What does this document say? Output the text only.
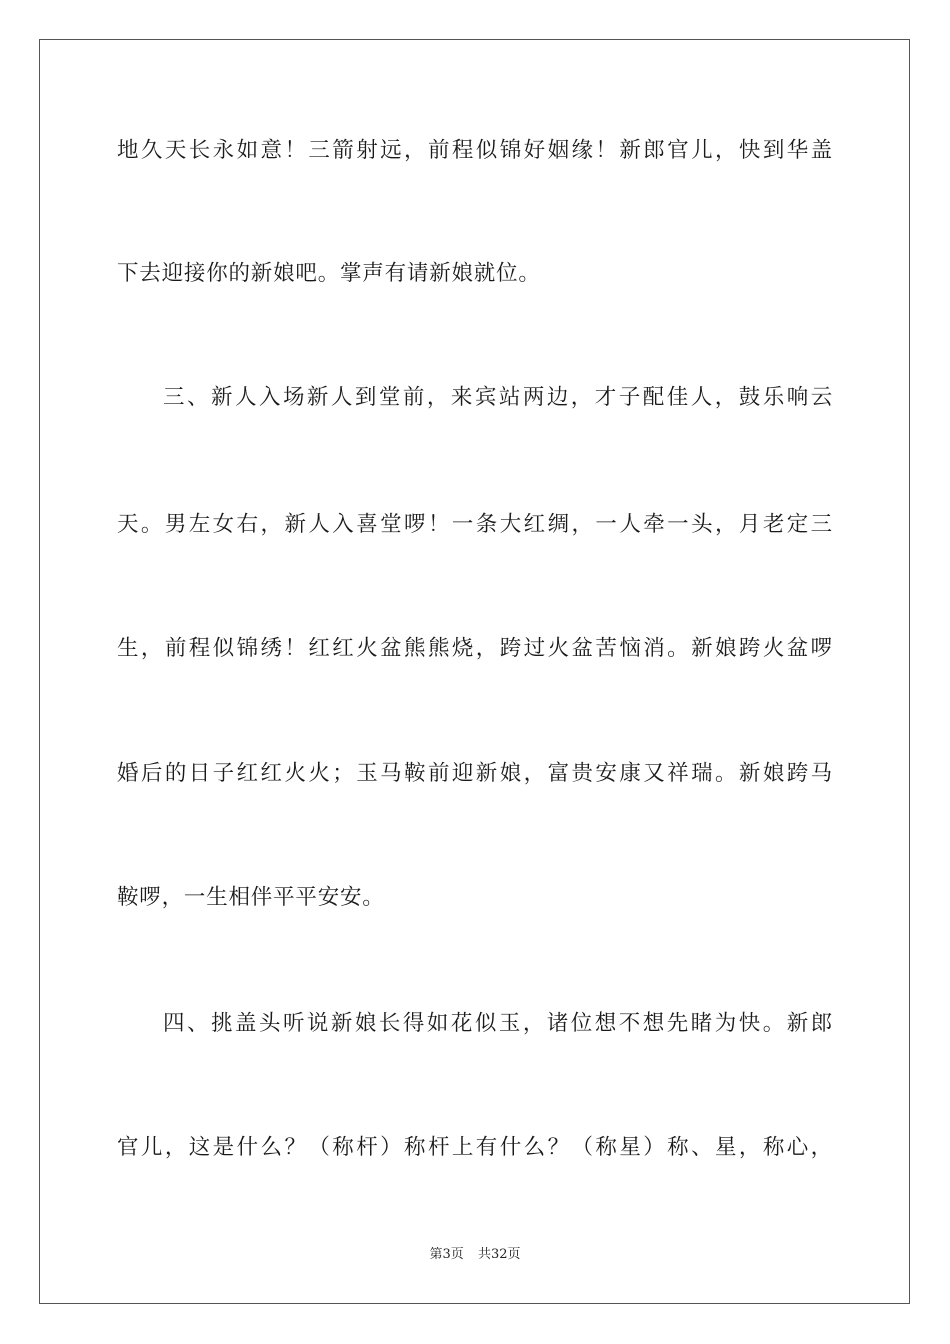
地久天长永如意！三箭射远，前程似锦好姻缘！新郎官儿，快到华盖
下去迎接你的新娘吧。掌声有请新娘就位。
三、新人入场新人到堂前，来宾站两边，才子配佳人，鼓乐响云
天。男左女右，新人入喜堂啰！一条大红绸，一人牵一头，月老定三
生，前程似锦绣！红红火盆熊熊烧，跨过火盆苦恼消。新娘跨火盆啰
婚后的日子红红火火；玉马鞍前迎新娘，富贵安康又祥瑞。新娘跨马
鞍啰，一生相伴平平安安。
四、挑盖头听说新娘长得如花似玉，诸位想不想先睹为快。新郎
官儿，这是什么？（称杆）称杆上有什么？（称星）称、星，称心，
第3页 共32页
